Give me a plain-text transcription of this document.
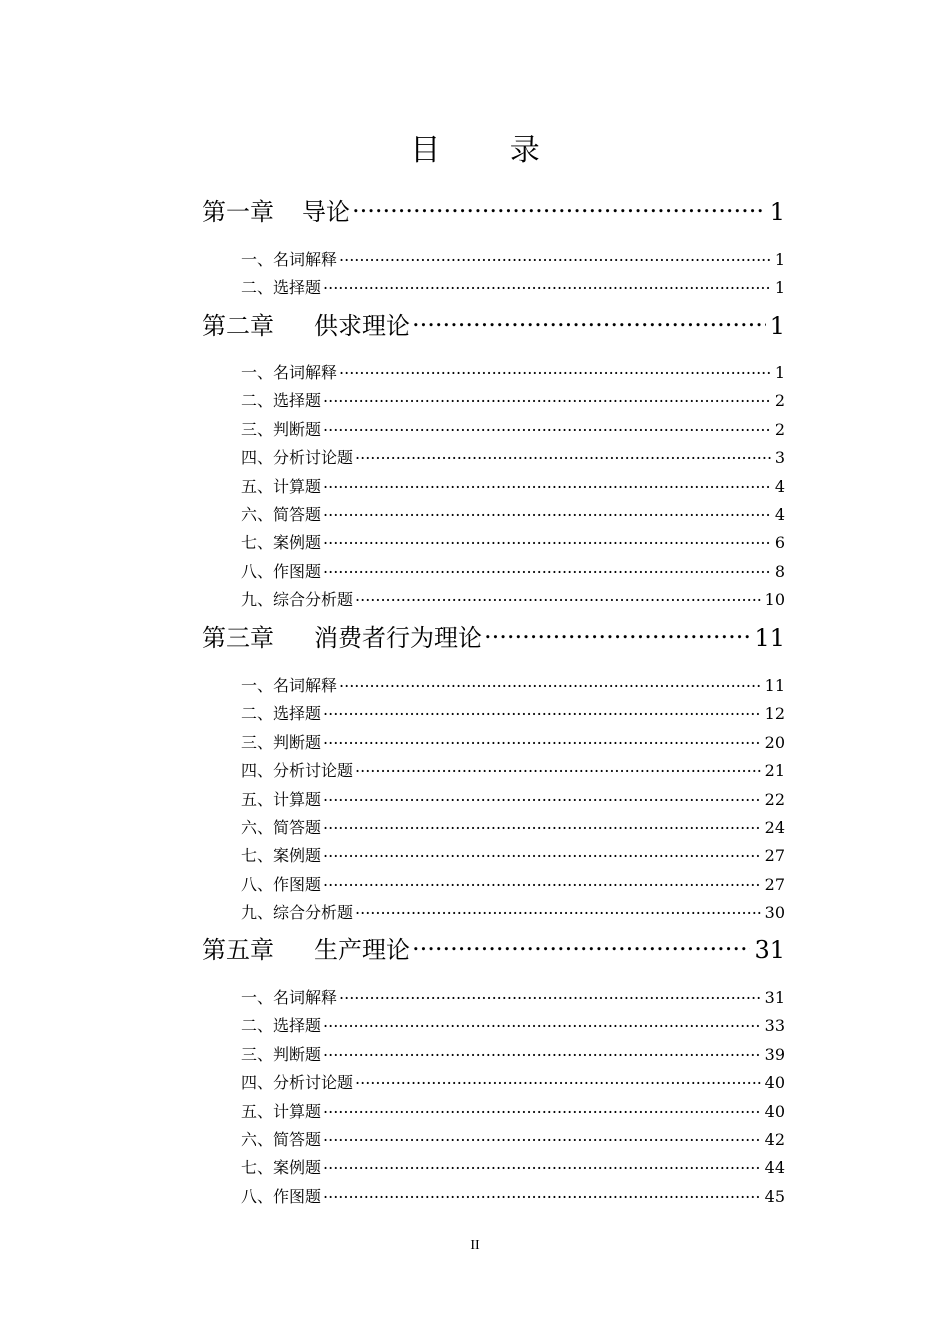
目 录
第一章 导论 .....	1
一、名词解释 .....	1
二、选择题 .....	1
第二章 供求理论 .....	1
一、名词解释 .....	1
二、选择题 .....	2
三、判断题 .....	2
四、分析讨论题 .....	3
五、计算题 .....	4
六、简答题 .....	4
七、案例题 .....	6
八、作图题 .....	8
九、综合分析题 .....	10
第三章 消费者行为理论 .....	11
一、名词解释 .....	11
二、选择题 .....	12
三、判断题 .....	20
四、分析讨论题 .....	21
五、计算题 .....	22
六、简答题 .....	24
七、案例题 .....	27
八、作图题 .....	27
九、综合分析题 .....	30
第五章 生产理论 .....	31
一、名词解释 .....	31
二、选择题 .....	33
三、判断题 .....	39
四、分析讨论题 .....	40
五、计算题 .....	40
六、简答题 .....	42
七、案例题 .....	44
八、作图题 .....	45
II
